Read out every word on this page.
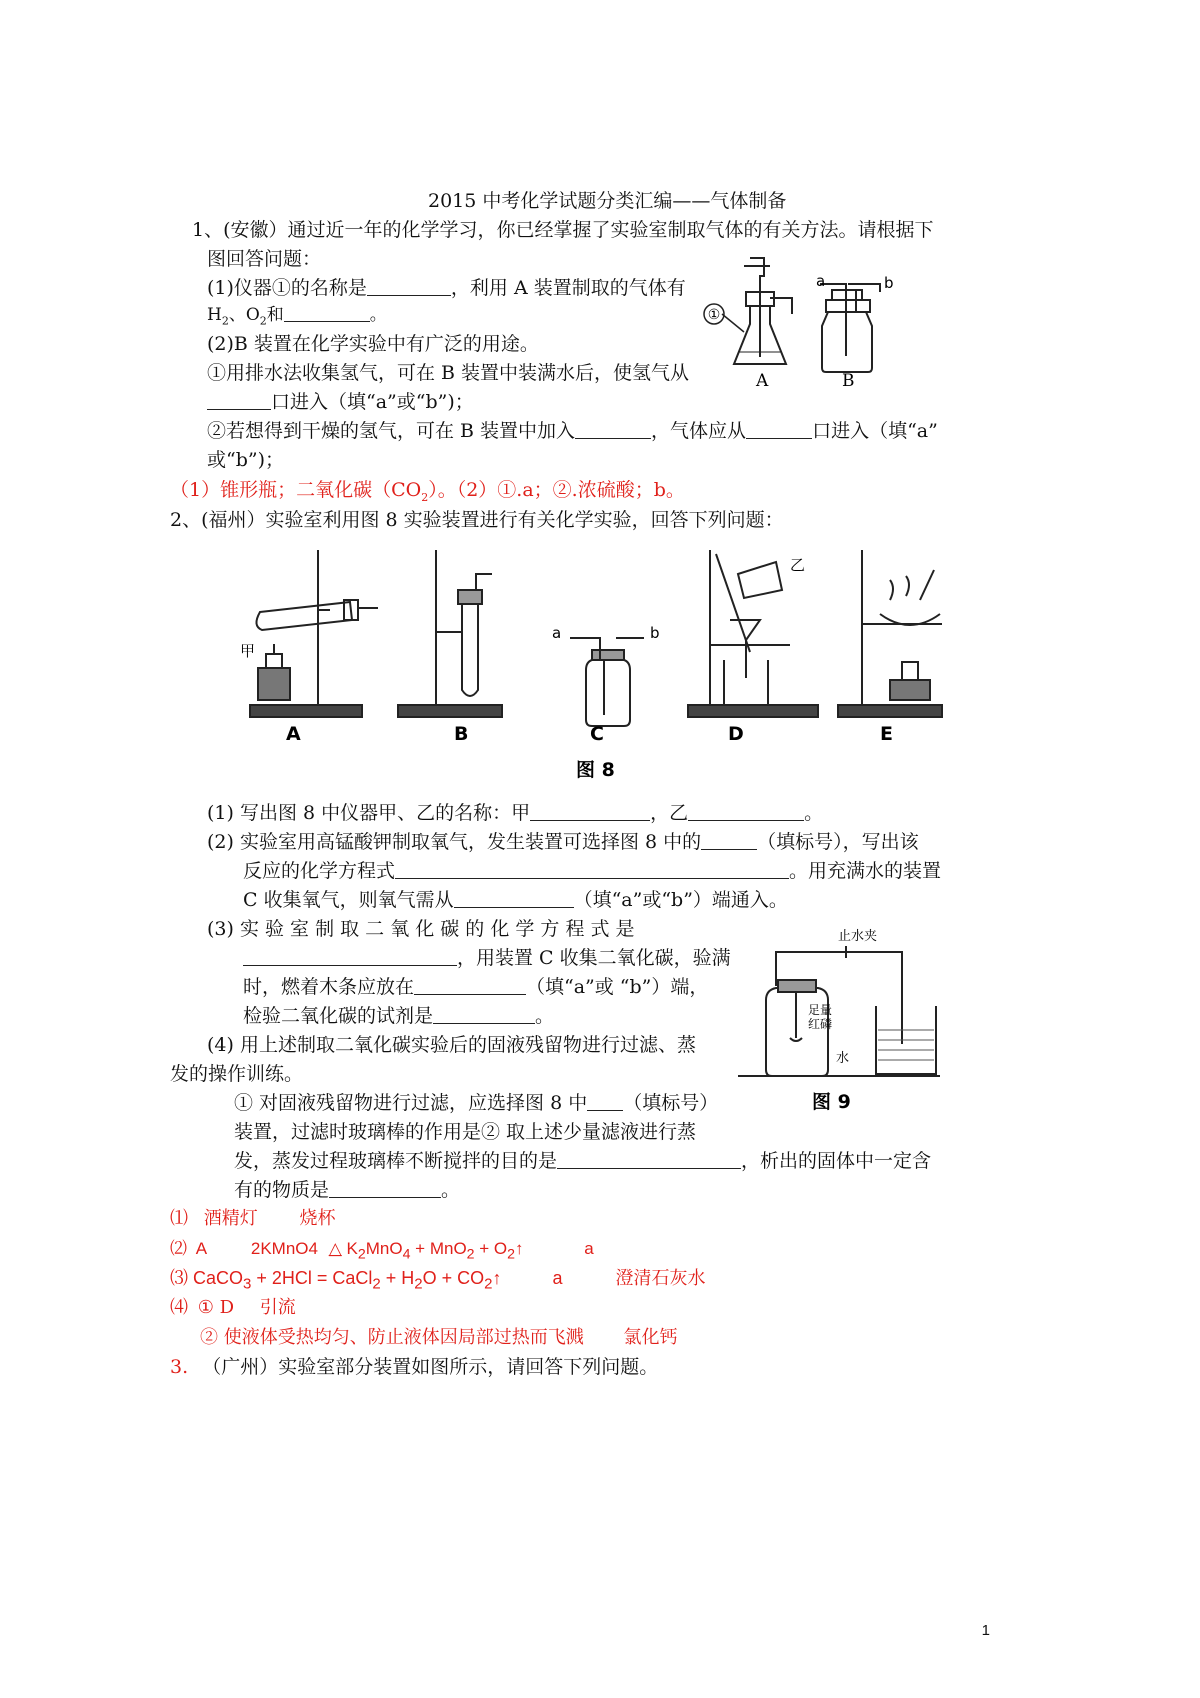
2015 中考化学试题分类汇编——气体制备
1、(安徽）通过近一年的化学学习，你已经掌握了实验室制取气体的有关方法。请根据下
图回答问题：
(1)仪器①的名称是	，利用 A 装置制取的气体有
$H_2$、$O_2$和	。
(2)B 装置在化学实验中有广泛的用途。
①用排水法收集氢气，可在 B 装置中装满水后，使氢气从
口进入（填“a”或“b”)；
②若想得到干燥的氢气，可在 B 装置中加入	，气体应从	口进入（填“a”
或“b”)；
（1）锥形瓶；二氧化碳$(CO_2)$。（2）①.a；②.浓硫酸；b。
①
a	b
A	B
2、(福州）实验室利用图 8 实验装置进行有关化学实验，回答下列问题：
甲
乙
a	b
A	B	C	D	E
图 8
(1) 写出图 8 中仪器甲、乙的名称：甲	，乙	。
(2) 实验室用高锰酸钾制取氧气，发生装置可选择图 8 中的	（填标号），写出该
反应的化学方程式	。用充满水的装置
C 收集氧气，则氧气需从	（填“a”或“b”）端通入。
(3) 实 验 室 制 取 二 氧 化 碳 的 化 学 方 程 式 是
，用装置 C 收集二氧化碳，验满
时，燃着木条应放在	（填“a”或 “b”）端，
检验二氧化碳的试剂是	。
(4) 用上述制取二氧化碳实验后的固液残留物进行过滤、蒸
发的操作训练。
① 对固液残留物进行过滤，应选择图 8 中 （填标号）
装置，过滤时玻璃棒的作用是② 取上述少量滤液进行蒸
发，蒸发过程玻璃棒不断搅拌的目的是	，析出的固体中一定含
有的物质是	。
止水夹
足量
红磷
水
图 9
⑴ 酒精灯 烧杯
⑵ A	2KMnO4 △ $K_2MnO_4 + MnO_2$ + $O_2↑$	a
⑶ CaCO$_3$ + 2HCl = CaCl$_2$ + $H_2O$ + $CO_2↑$	a	澄清石灰水
⑷ ① D 引流
② 使液体受热均匀、防止液体因局部过热而飞溅 氯化钙
3. （广州）实验室部分装置如图所示，请回答下列问题。
1
